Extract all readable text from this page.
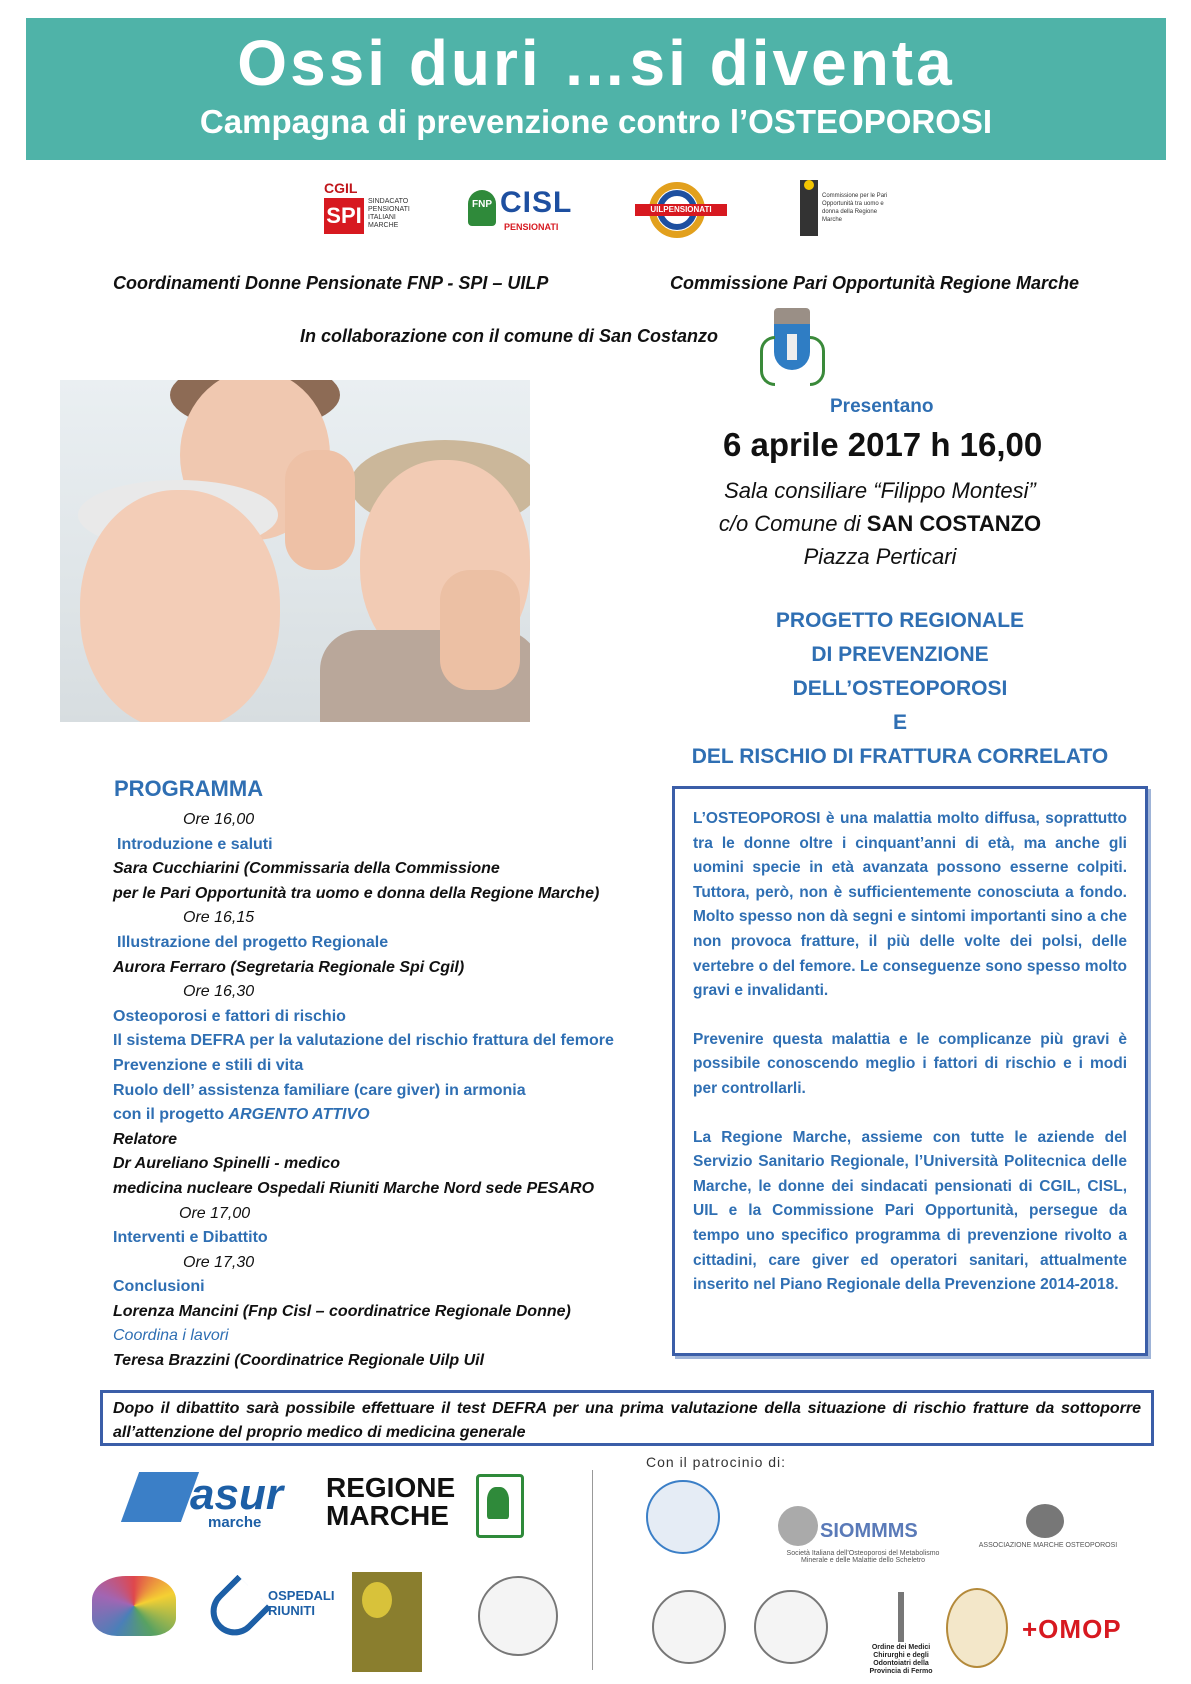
Ossi duri …si diventa
Campagna di prevenzione contro l’OSTEOPOROSI
CGIL
SPI
SINDACATO PENSIONATI ITALIANI MARCHE
FNP CISL
PENSIONATI
UILPENSIONATI
Commissione per le Pari Opportunità tra uomo e donna della Regione Marche
Coordinamenti Donne Pensionate FNP - SPI – UILP	Commissione Pari Opportunità Regione Marche
In collaborazione con il comune di San Costanzo
Presentano
6 aprile 2017 h 16,00
Sala consiliare “Filippo Montesi”
c/o Comune di SAN COSTANZO
Piazza Perticari
PROGETTO REGIONALE
DI PREVENZIONE
DELL’OSTEOPOROSI
E
DEL RISCHIO DI FRATTURA CORRELATO
PROGRAMMA
Ore 16,00
Introduzione e saluti
Sara Cucchiarini (Commissaria della Commissione
per le Pari Opportunità tra uomo e donna della Regione Marche)
Ore 16,15
Illustrazione del progetto Regionale
Aurora Ferraro (Segretaria Regionale Spi Cgil)
Ore 16,30
Osteoporosi e fattori di rischio
Il sistema DEFRA per la valutazione del rischio frattura del femore
Prevenzione e stili di vita
Ruolo dell’ assistenza familiare (care giver) in armonia
con il progetto ARGENTO ATTIVO
Relatore
Dr Aureliano Spinelli - medico
medicina nucleare Ospedali Riuniti Marche Nord sede PESARO
Ore 17,00
Interventi e Dibattito
Ore 17,30
Conclusioni
Lorenza Mancini (Fnp Cisl – coordinatrice Regionale Donne)
Coordina i lavori
Teresa Brazzini (Coordinatrice Regionale Uilp Uil

L’OSTEOPOROSI è una malattia molto diffusa, soprattutto tra le donne oltre i cinquant’anni di età, ma anche gli uomini specie in età avanzata possono esserne colpiti. Tuttora, però, non è sufficientemente conosciuta a fondo. Molto spesso non dà segni e sintomi importanti sino a che non provoca fratture, il più delle volte dei polsi, delle vertebre o del femore. Le conseguenze sono spesso molto gravi e invalidanti.

Prevenire questa malattia e le complicanze più gravi è possibile conoscendo meglio i fattori di rischio e i modi per controllarli.

La Regione Marche, assieme con tutte le aziende del Servizio Sanitario Regionale, l’Università Politecnica delle Marche, le donne dei sindacati pensionati di CGIL, CISL, UIL e la Commissione Pari Opportunità, persegue da tempo uno specifico programma di prevenzione rivolto a cittadini, care giver ed operatori sanitari, attualmente inserito nel Piano Regionale della Prevenzione 2014-2018.

Dopo il dibattito sarà possibile effettuare il test DEFRA per una prima valutazione della situazione di rischio fratture da sottoporre all’attenzione del proprio medico di medicina generale
Con il patrocinio di:
asur
marche
REGIONE
MARCHE	SIOMMMS
Società Italiana dell’Osteoporosi del Metabolismo Minerale e delle Malattie dello Scheletro
ASSOCIAZIONE MARCHE OSTEOPOROSI
OSPEDALI RIUNITI
Ordine dei Medici Chirurghi e degli Odontoiatri della Provincia di Fermo
+OMOP
